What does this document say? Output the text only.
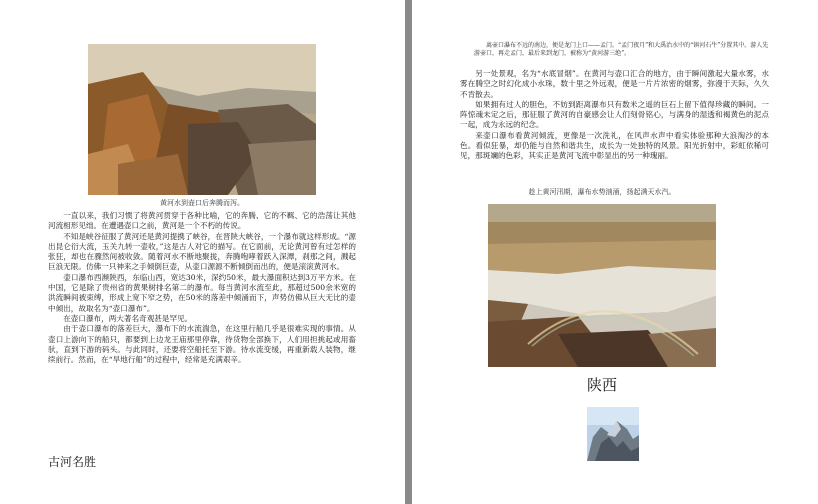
黄河水到壶口后奔腾而泻。

一直以来，我们习惯了将黄河贯穿于各种比喻，它的奔腾、它的不羁、它的浩荡让其他河流相形见绌。在遭遇壶口之前，黄河是一个不朽的传说。

不知是峡谷征服了黄河还是黄河提携了峡谷，在晋陕大峡谷，一个瀑布就这样形成。“源出昆仑衍大流，玉关九转一壶收，”这是古人对它的描写。在它面前，无论黄河曾有过怎样的张狂，却也在骤然间被收敛。随着河水不断地聚拢，奔腾咆哮着跃入深潭，刹那之间，溅起巨浪无限。仿佛一只神来之手倾倒巨壶，从壶口源源不断倾倒而出的，便是滚滚黄河水。

壶口瀑布西濒陕西，东临山西，宽达30米，深约50米，最大瀑面积达到3万平方米。在中国，它是除了贵州省的黄果树排名第二的瀑布。每当黄河水流至此，那超过500余米宽的洪流瞬间被束缚，形成上宽下窄之势，在50米的落差中倾涌而下，声势仿佛从巨大无比的壶中倾出，故取名为“壶口瀑布”。

在壶口瀑布，两大著名奇观甚是罕见。

由于壶口瀑布的落差巨大，瀑布下的水流湍急，在这里行船几乎是很难实现的事情。从壶口上游向下的船只，都要到上边龙王庙那里停靠，待货物全部换下，人们用担挑起或用畜驮，直到下游的码头。与此同时，还要将空船托至下游。待水流变缓，再重新载人装物，继续前行。然而，在“旱地行船”的过程中，经常是充满艰辛。

古河名胜

离壶口瀑布不远的南边，便是龙门上口——孟门。“孟门夜月”和大禹治水中的“镇河石牛”分置其中。游人先游壶口，再走孟门，最后来到龙门，被称为“黄河游三绝”。

另一处景观，名为“水底冒烟”。在黄河与壶口汇合的地方，由于瞬间激起大量水雾，水雾在腾空之时幻化成小水珠，数十里之外远观，便是一片片浓密的烟雾，弥漫于天际，久久不肯散去。

如果拥有过人的胆色，不妨到距离瀑布只有数米之遥的巨石上留下值得珍藏的瞬间。一阵惊魂未定之后，那征服了黄河的自豪感会让人们刻骨铭心，与满身的湿透和褐黄色的泥点一起，成为永远的纪念。

来壶口瀑布看黄河倾流，更像是一次洗礼，在风声水声中看实体验那种大浪淘沙的本色。看似狂暴，却仍能与自然和谐共生，成长为一处独特的风景。阳光折射中，彩虹依稀可见，那斑斓的色彩，其实正是黄河飞流中彰显出的另一种瑰丽。

趁上黄河汛期，瀑布水势汹涌，扬起满天水汽。
陕西
